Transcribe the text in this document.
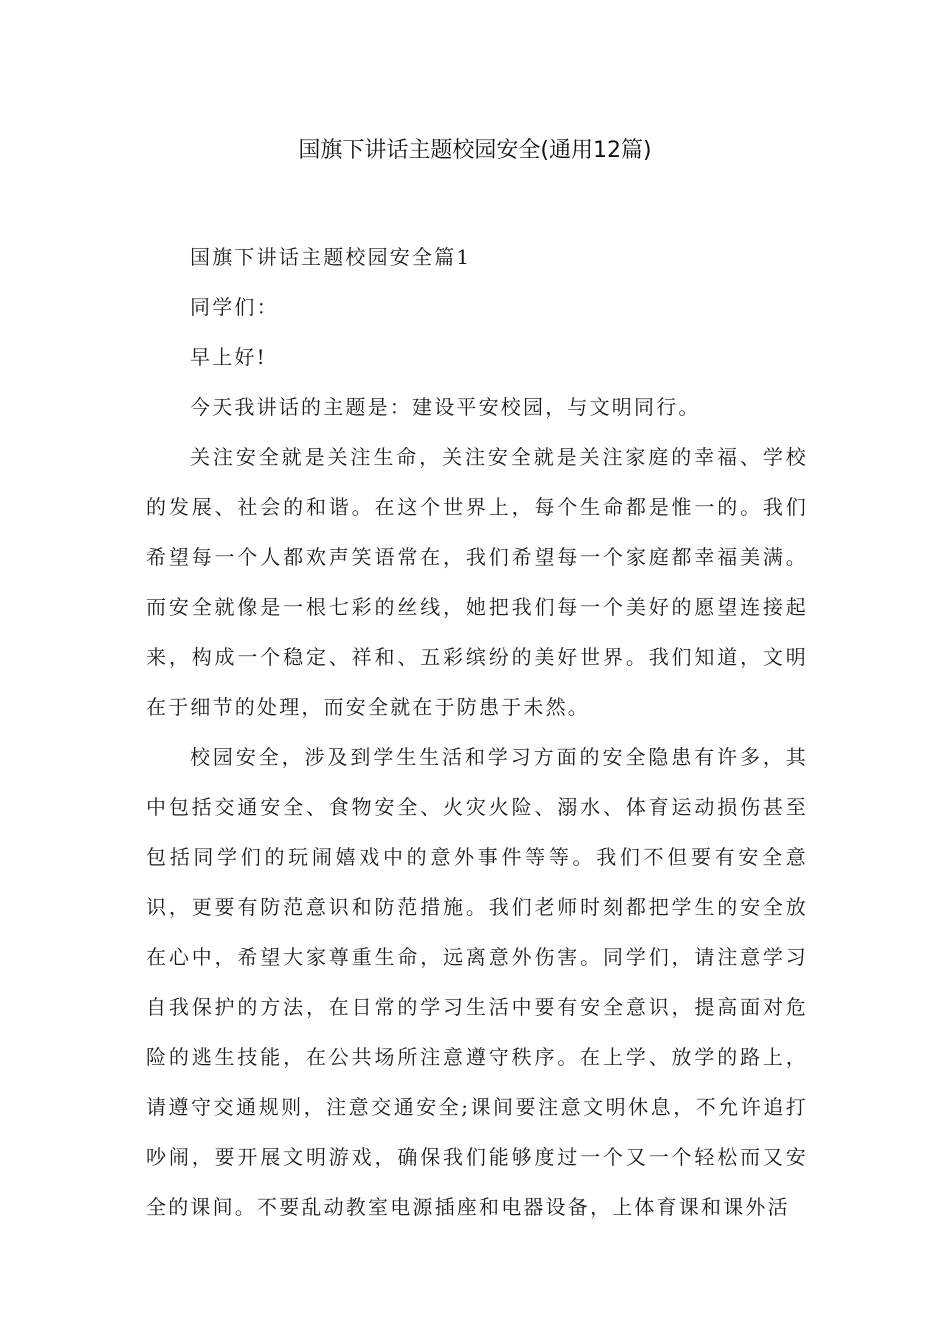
国旗下讲话主题校园安全(通用12篇)

国旗下讲话主题校园安全篇1

同学们：

早上好!

今天我讲话的主题是：建设平安校园，与文明同行。

关注安全就是关注生命，关注安全就是关注家庭的幸福、学校的发展、社会的和谐。在这个世界上，每个生命都是惟一的。我们希望每一个人都欢声笑语常在，我们希望每一个家庭都幸福美满。而安全就像是一根七彩的丝线，她把我们每一个美好的愿望连接起来，构成一个稳定、祥和、五彩缤纷的美好世界。我们知道，文明在于细节的处理，而安全就在于防患于未然。

校园安全，涉及到学生生活和学习方面的安全隐患有许多，其中包括交通安全、食物安全、火灾火险、溺水、体育运动损伤甚至包括同学们的玩闹嬉戏中的意外事件等等。我们不但要有安全意识，更要有防范意识和防范措施。我们老师时刻都把学生的安全放在心中，希望大家尊重生命，远离意外伤害。同学们，请注意学习自我保护的方法，在日常的学习生活中要有安全意识，提高面对危险的逃生技能，在公共场所注意遵守秩序。在上学、放学的路上，请遵守交通规则，注意交通安全;课间要注意文明休息，不允许追打吵闹，要开展文明游戏，确保我们能够度过一个又一个轻松而又安全的课间。不要乱动教室电源插座和电器设备，上体育课和课外活
